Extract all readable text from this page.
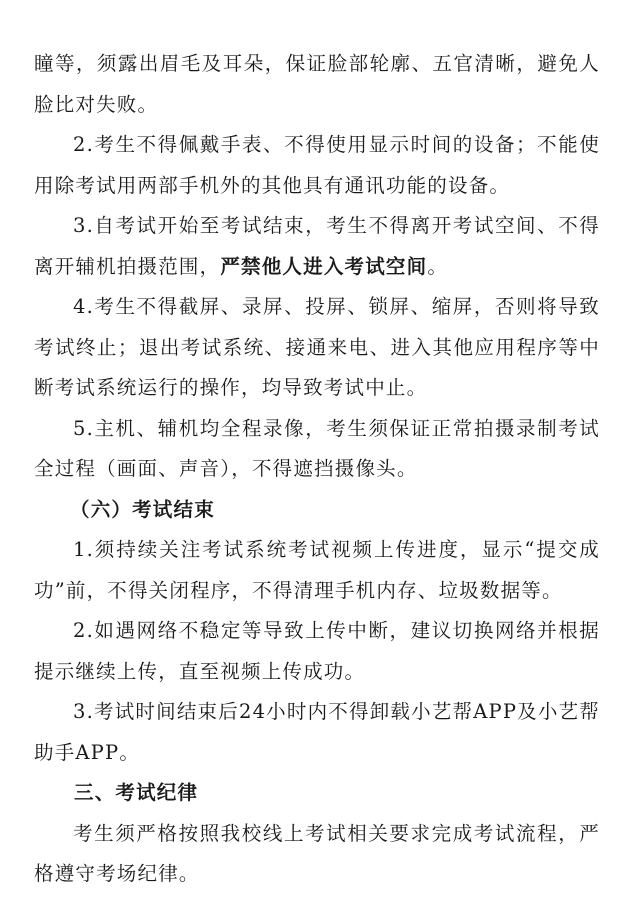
瞳等，须露出眉毛及耳朵，保证脸部轮廓、五官清晰，避免人脸比对失败。

2.考生不得佩戴手表、不得使用显示时间的设备；不能使用除考试用两部手机外的其他具有通讯功能的设备。

3.自考试开始至考试结束，考生不得离开考试空间、不得离开辅机拍摄范围，严禁他人进入考试空间。

4.考生不得截屏、录屏、投屏、锁屏、缩屏，否则将导致考试终止；退出考试系统、接通来电、进入其他应用程序等中断考试系统运行的操作，均导致考试中止。

5.主机、辅机均全程录像，考生须保证正常拍摄录制考试全过程（画面、声音），不得遮挡摄像头。

（六）考试结束

1.须持续关注考试系统考试视频上传进度，显示“提交成功”前，不得关闭程序，不得清理手机内存、垃圾数据等。

2.如遇网络不稳定等导致上传中断，建议切换网络并根据提示继续上传，直至视频上传成功。

3.考试时间结束后24小时内不得卸载小艺帮APP及小艺帮助手APP。

三、考试纪律

考生须严格按照我校线上考试相关要求完成考试流程，严格遵守考场纪律。
